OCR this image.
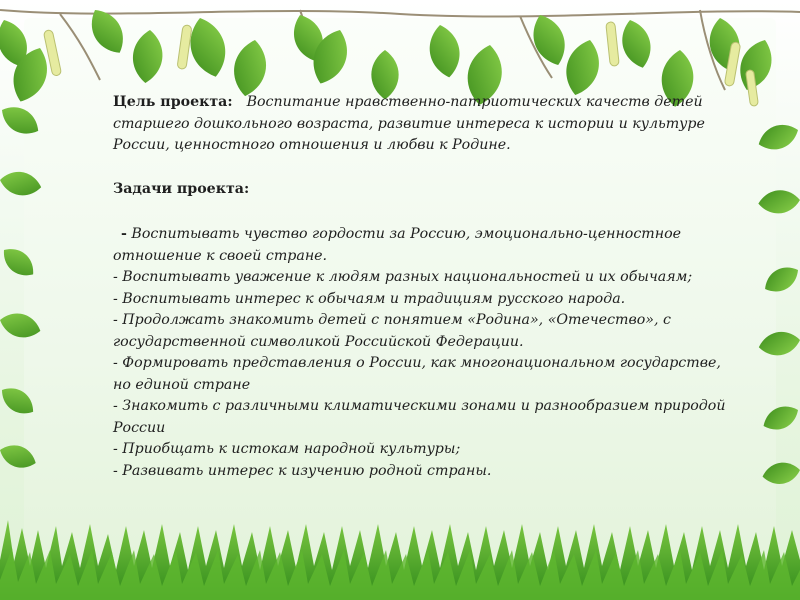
Цель проекта: Воспитание нравственно-патриотических качеств детей старшего дошкольного возраста, развитие интереса к истории и культуре России, ценностного отношения и любви к Родине.

Задачи проекта:

- Воспитывать чувство гордости за Россию, эмоционально-ценностное отношение к своей стране.
- Воспитывать уважение к людям разных национальностей и их обычаям;
- Воспитывать интерес к обычаям и традициям русского народа.
- Продолжать знакомить детей с понятием «Родина», «Отечество», с государственной символикой Российской Федерации.
- Формировать представления о России, как многонациональном государстве, но единой стране
- Знакомить с различными климатическими зонами и разнообразием природой России
- Приобщать к истокам народной культуры;
- Развивать интерес к изучению родной страны.
